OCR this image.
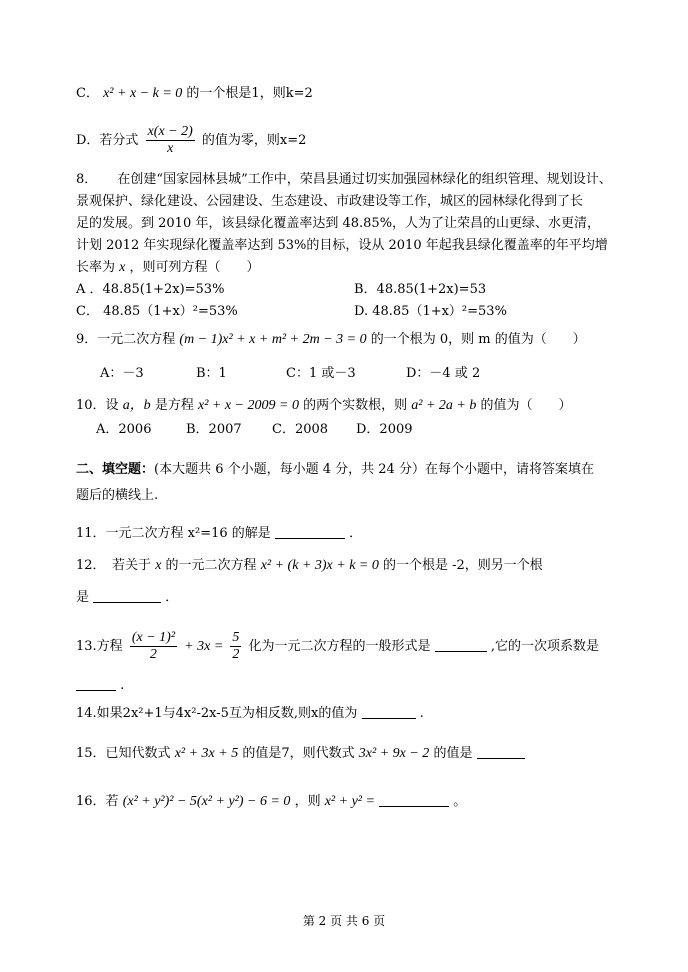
C． x² + x − k = 0 的一个根是1，则k=2
D．若分式 $\frac{x(x - 2)}{x}$ 的值为零，则x=2
8． 在创建“国家园林县城”工作中，荣昌县通过切实加强园林绿化的组织管理、规划设计、
景观保护、绿化建设、公园建设、生态建设、市政建设等工作，城区的园林绿化得到了长
足的发展。到 2010 年，该县绿化覆盖率达到 48.85%，人为了让荣昌的山更绿、水更清，
计划 2012 年实现绿化覆盖率达到 53%的目标，设从 2010 年起我县绿化覆盖率的年平均增
长率为 x ，则可列方程（　　）
A ．48.85(1+2x)=53%	B．48.85(1+2x)=53
C． 48.85（1+x）²=53%	D. 48.85（1+x）²=53%
9．一元二次方程 (m − 1)x² + x + m² + 2m − 3 = 0 的一个根为 0，则 m 的值为（　　）
A：－3	B：1	C：1 或－3	D：－4 或 2
10．设 a，b 是方程 x² + x − 2009 = 0 的两个实数根，则 a² + 2a + b 的值为（　　）
A．2006	B．2007 C．2008 D．2009
二、填空题：(本大题共 6 个小题，每小题 4 分，共 24 分）在每个小题中，请将答案填在
题后的横线上.
11．一元二次方程 x²=16 的解是	．
12．　若关于 x 的一元二次方程 x² + (k + 3)x + k = 0 的一个根是 -2，则另一个根
是	．
13.方程 $\frac{\text{(x − 1)²}}{2} + 3x = \frac{5}{2}$ 化为一元二次方程的一般形式是	,它的一次项系数是
.
14.如果2x²+1与4x²-2x-5互为相反数,则x的值为	.
15．已知代数式 x² + 3x + 5 的值是7，则代数式 3x² + 9x − 2 的值是
16．若 (x² + y²)² − 5(x² + y²) − 6 = 0 ，则 x² + y² =	。
第 2 页 共 6 页
